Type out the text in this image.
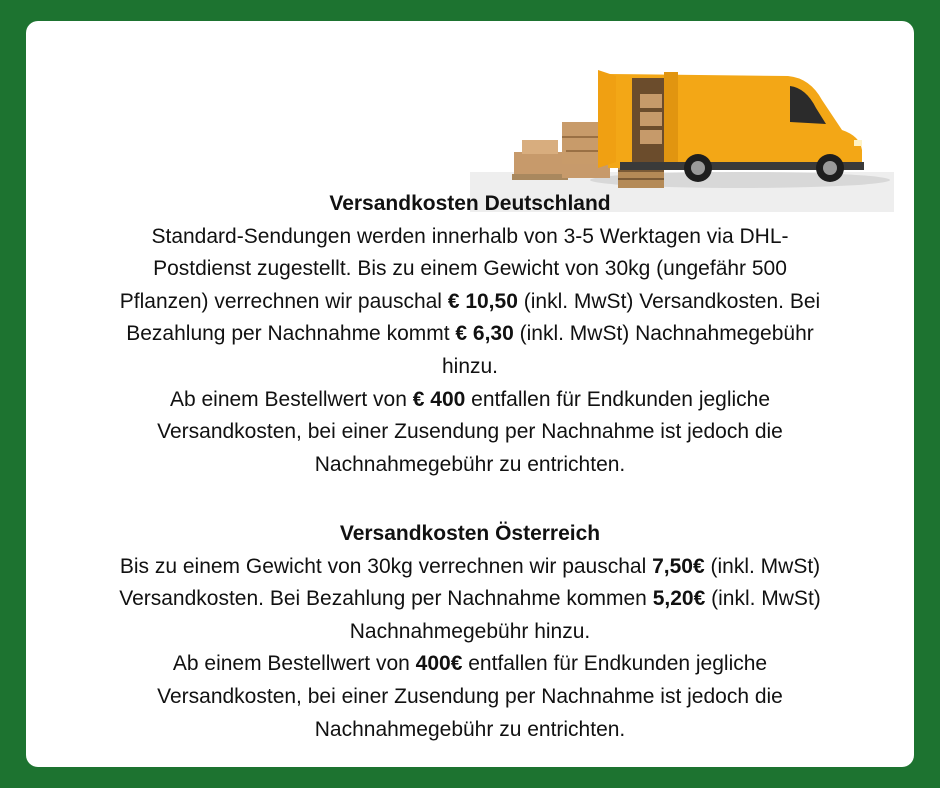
Versandkosten Deutschland

Standard-Sendungen werden innerhalb von 3-5 Werktagen via DHL-
Postdienst zugestellt. Bis zu einem Gewicht von 30kg (ungefähr 500
Pflanzen) verrechnen wir pauschal € 10,50 (inkl. MwSt) Versandkosten. Bei
Bezahlung per Nachnahme kommt € 6,30 (inkl. MwSt) Nachnahmegebühr
hinzu.

Ab einem Bestellwert von € 400 entfallen für Endkunden jegliche
Versandkosten, bei einer Zusendung per Nachnahme ist jedoch die
Nachnahmegebühr zu entrichten.

Versandkosten Österreich

Bis zu einem Gewicht von 30kg verrechnen wir pauschal 7,50€ (inkl. MwSt)
Versandkosten. Bei Bezahlung per Nachnahme kommen 5,20€ (inkl. MwSt)
Nachnahmegebühr hinzu.

Ab einem Bestellwert von 400€ entfallen für Endkunden jegliche
Versandkosten, bei einer Zusendung per Nachnahme ist jedoch die
Nachnahmegebühr zu entrichten.
